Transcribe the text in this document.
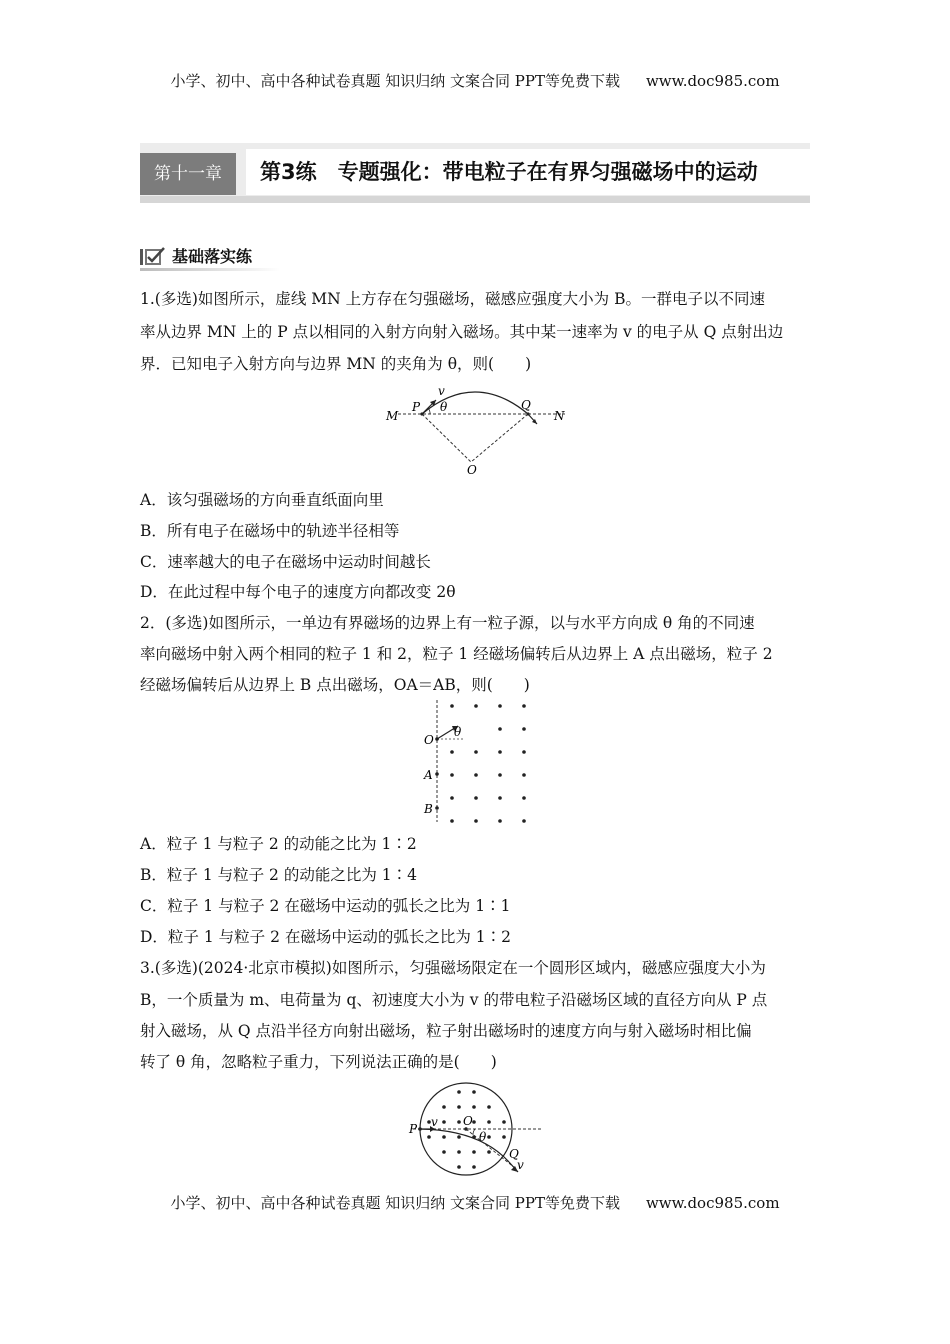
小学、初中、高中各种试卷真题 知识归纳 文案合同 PPT等免费下载 www.doc985.com
第十一章	第3练　专题强化：带电粒子在有界匀强磁场中的运动
基础落实练
1.(多选)如图所示，虚线 MN 上方存在匀强磁场，磁感应强度大小为 B。一群电子以不同速
率从边界 MN 上的 P 点以相同的入射方向射入磁场。其中某一速率为 v 的电子从 Q 点射出边
界．已知电子入射方向与边界 MN 的夹角为 θ，则(　　)
M	N
P	Q
O
v
θ
A．该匀强磁场的方向垂直纸面向里
B．所有电子在磁场中的轨迹半径相等
C．速率越大的电子在磁场中运动时间越长
D．在此过程中每个电子的速度方向都改变 2θ
2．(多选)如图所示，一单边有界磁场的边界上有一粒子源，以与水平方向成 θ 角的不同速
率向磁场中射入两个相同的粒子 1 和 2，粒子 1 经磁场偏转后从边界上 A 点出磁场，粒子 2
经磁场偏转后从边界上 B 点出磁场，OA＝AB，则(　　)
O
A
B
θ
A．粒子 1 与粒子 2 的动能之比为 1∶2
B．粒子 1 与粒子 2 的动能之比为 1∶4
C．粒子 1 与粒子 2 在磁场中运动的弧长之比为 1∶1
D．粒子 1 与粒子 2 在磁场中运动的弧长之比为 1∶2
3.(多选)(2024·北京市模拟)如图所示，匀强磁场限定在一个圆形区域内，磁感应强度大小为
B，一个质量为 m、电荷量为 q、初速度大小为 v 的带电粒子沿磁场区域的直径方向从 P 点
射入磁场，从 Q 点沿半径方向射出磁场，粒子射出磁场时的速度方向与射入磁场时相比偏
转了 θ 角，忽略粒子重力，下列说法正确的是(　　)
P
O
Q
v
v
θ
小学、初中、高中各种试卷真题 知识归纳 文案合同 PPT等免费下载 www.doc985.com
